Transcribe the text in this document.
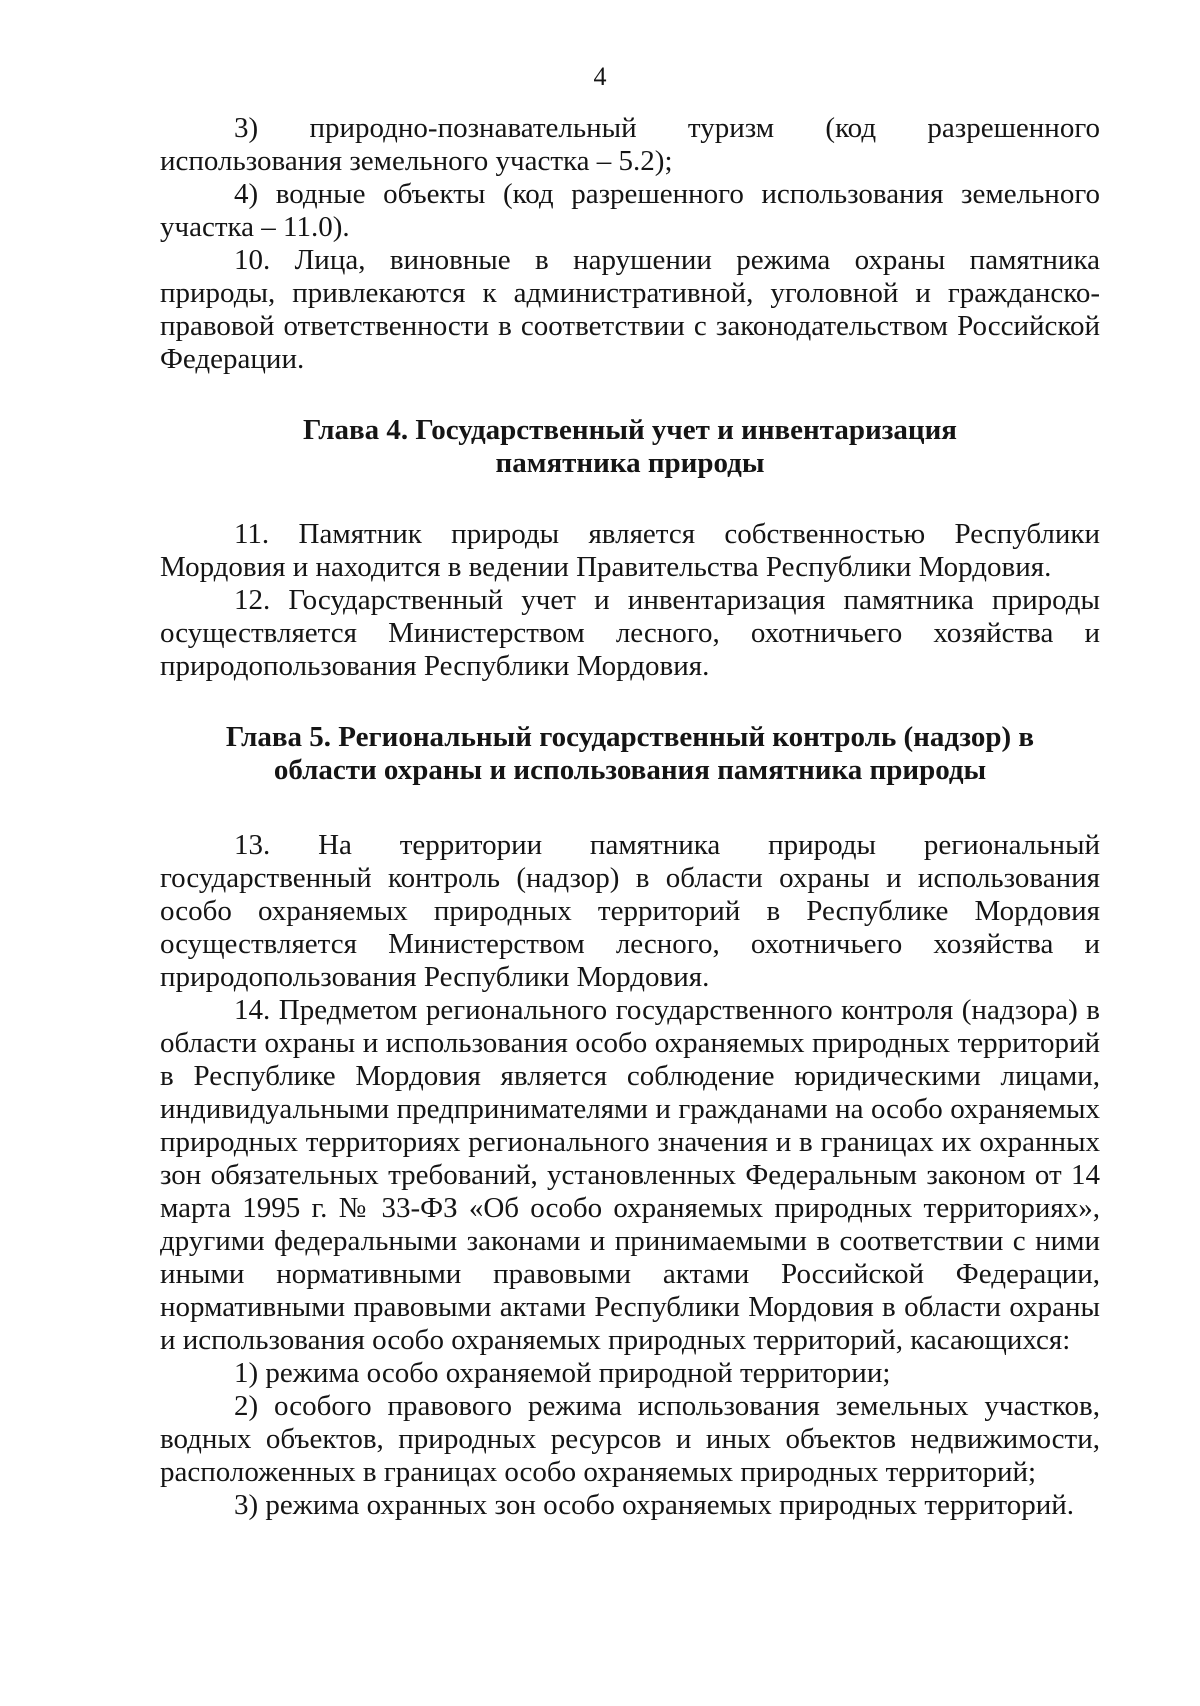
4

3) природно-познавательный туризм (код разрешенного использования земельного участка – 5.2);

4) водные объекты (код разрешенного использования земельного участка – 11.0).

10. Лица, виновные в нарушении режима охраны памятника природы, привлекаются к административной, уголовной и гражданско-правовой ответственности в соответствии с законодательством Российской Федерации.

Глава 4. Государственный учет и инвентаризация
памятника природы

11. Памятник природы является собственностью Республики Мордовия и находится в ведении Правительства Республики Мордовия.

12. Государственный учет и инвентаризация памятника природы осуществляется Министерством лесного, охотничьего хозяйства и природопользования Республики Мордовия.

Глава 5. Региональный государственный контроль (надзор) в
области охраны и использования памятника природы

13. На территории памятника природы региональный государственный контроль (надзор) в области охраны и использования особо охраняемых природных территорий в Республике Мордовия осуществляется Министерством лесного, охотничьего хозяйства и природопользования Республики Мордовия.

14. Предметом регионального государственного контроля (надзора) в области охраны и использования особо охраняемых природных территорий в Республике Мордовия является соблюдение юридическими лицами, индивидуальными предпринимателями и гражданами на особо охраняемых природных территориях регионального значения и в границах их охранных зон обязательных требований, установленных Федеральным законом от 14 марта 1995 г. № 33-ФЗ «Об особо охраняемых природных территориях», другими федеральными законами и принимаемыми в соответствии с ними иными нормативными правовыми актами Российской Федерации, нормативными правовыми актами Республики Мордовия в области охраны и использования особо охраняемых природных территорий, касающихся:

1) режима особо охраняемой природной территории;

2) особого правового режима использования земельных участков, водных объектов, природных ресурсов и иных объектов недвижимости, расположенных в границах особо охраняемых природных территорий;

3) режима охранных зон особо охраняемых природных территорий.
